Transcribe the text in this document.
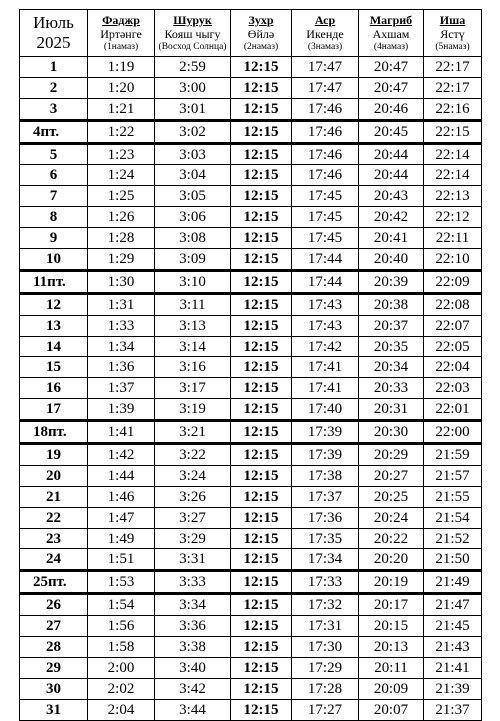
Июль
2025	Фаджр
Иртәнге
(1намаз)	Шурук
Кояш чыгу
(Восход Солнца)	Зухр
Өйлә
(2намаз)	Аср
Икенде
(3намаз)	Магриб
Ахшам
(4намаз)	Иша
Ястү
(5намаз)

1	1:19	2:59	12:15	17:47	20:47	22:17
2	1:20	3:00	12:15	17:47	20:47	22:17
3	1:21	3:01	12:15	17:46	20:46	22:16
4пт.	1:22	3:02	12:15	17:46	20:45	22:15
5	1:23	3:03	12:15	17:46	20:44	22:14
6	1:24	3:04	12:15	17:46	20:44	22:14
7	1:25	3:05	12:15	17:45	20:43	22:13
8	1:26	3:06	12:15	17:45	20:42	22:12
9	1:28	3:08	12:15	17:45	20:41	22:11
10	1:29	3:09	12:15	17:44	20:40	22:10
11пт.	1:30	3:10	12:15	17:44	20:39	22:09
12	1:31	3:11	12:15	17:43	20:38	22:08
13	1:33	3:13	12:15	17:43	20:37	22:07
14	1:34	3:14	12:15	17:42	20:35	22:05
15	1:36	3:16	12:15	17:41	20:34	22:04
16	1:37	3:17	12:15	17:41	20:33	22:03
17	1:39	3:19	12:15	17:40	20:31	22:01
18пт.	1:41	3:21	12:15	17:39	20:30	22:00
19	1:42	3:22	12:15	17:39	20:29	21:59
20	1:44	3:24	12:15	17:38	20:27	21:57
21	1:46	3:26	12:15	17:37	20:25	21:55
22	1:47	3:27	12:15	17:36	20:24	21:54
23	1:49	3:29	12:15	17:35	20:22	21:52
24	1:51	3:31	12:15	17:34	20:20	21:50
25пт.	1:53	3:33	12:15	17:33	20:19	21:49
26	1:54	3:34	12:15	17:32	20:17	21:47
27	1:56	3:36	12:15	17:31	20:15	21:45
28	1:58	3:38	12:15	17:30	20:13	21:43
29	2:00	3:40	12:15	17:29	20:11	21:41
30	2:02	3:42	12:15	17:28	20:09	21:39
31	2:04	3:44	12:15	17:27	20:07	21:37
